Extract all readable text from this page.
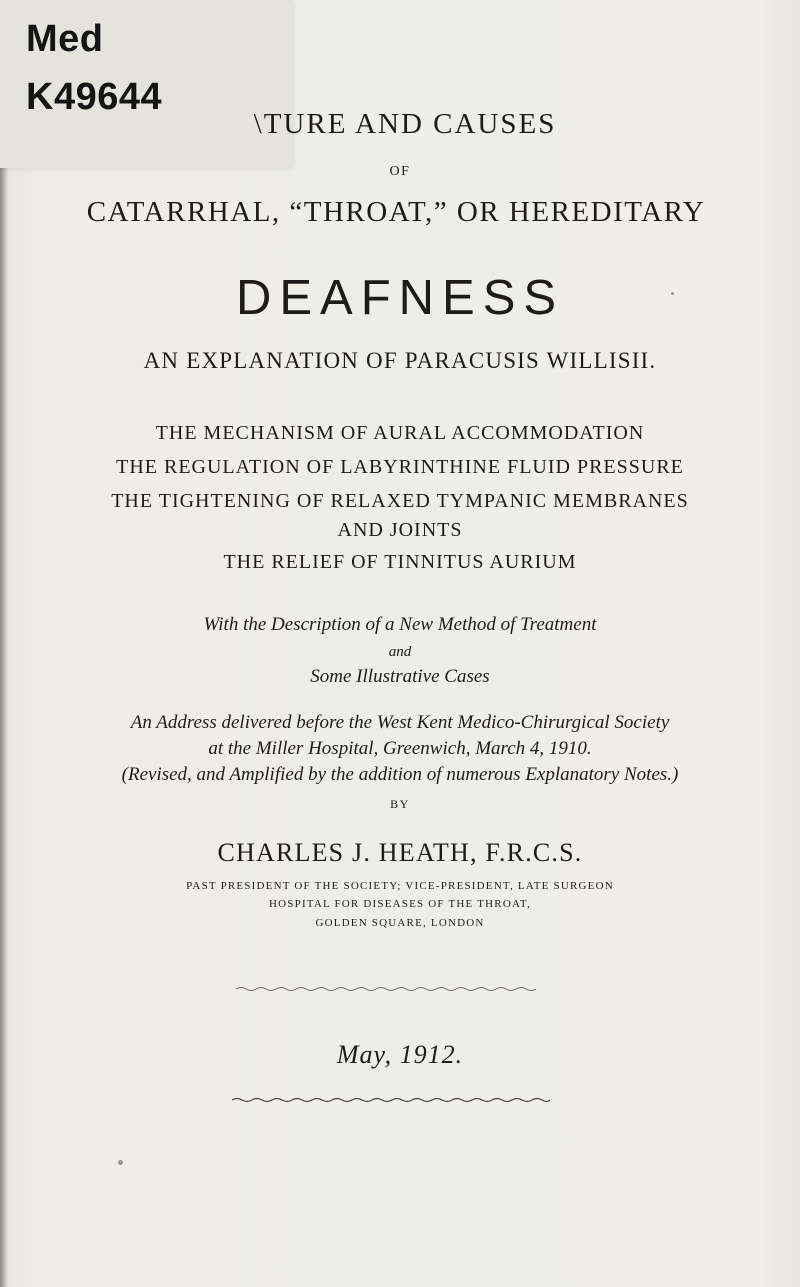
Med
K49644
\TURE AND CAUSES
OF
CATARRHAL, “THROAT,” OR HEREDITARY
DEAFNESS
AN EXPLANATION OF PARACUSIS WILLISII.
THE MECHANISM OF AURAL ACCOMMODATION
THE REGULATION OF LABYRINTHINE FLUID PRESSURE
THE TIGHTENING OF RELAXED TYMPANIC MEMBRANES
AND JOINTS
THE RELIEF OF TINNITUS AURIUM
With the Description of a New Method of Treatment
and
Some Illustrative Cases
An Address delivered before the West Kent Medico-Chirurgical Society
at the Miller Hospital, Greenwich, March 4, 1910.
(Revised, and Amplified by the addition of numerous Explanatory Notes.)
BY
CHARLES J. HEATH, F.R.C.S.
PAST PRESIDENT OF THE SOCIETY; VICE-PRESIDENT, LATE SURGEON
HOSPITAL FOR DISEASES OF THE THROAT,
GOLDEN SQUARE, LONDON
May, 1912.
